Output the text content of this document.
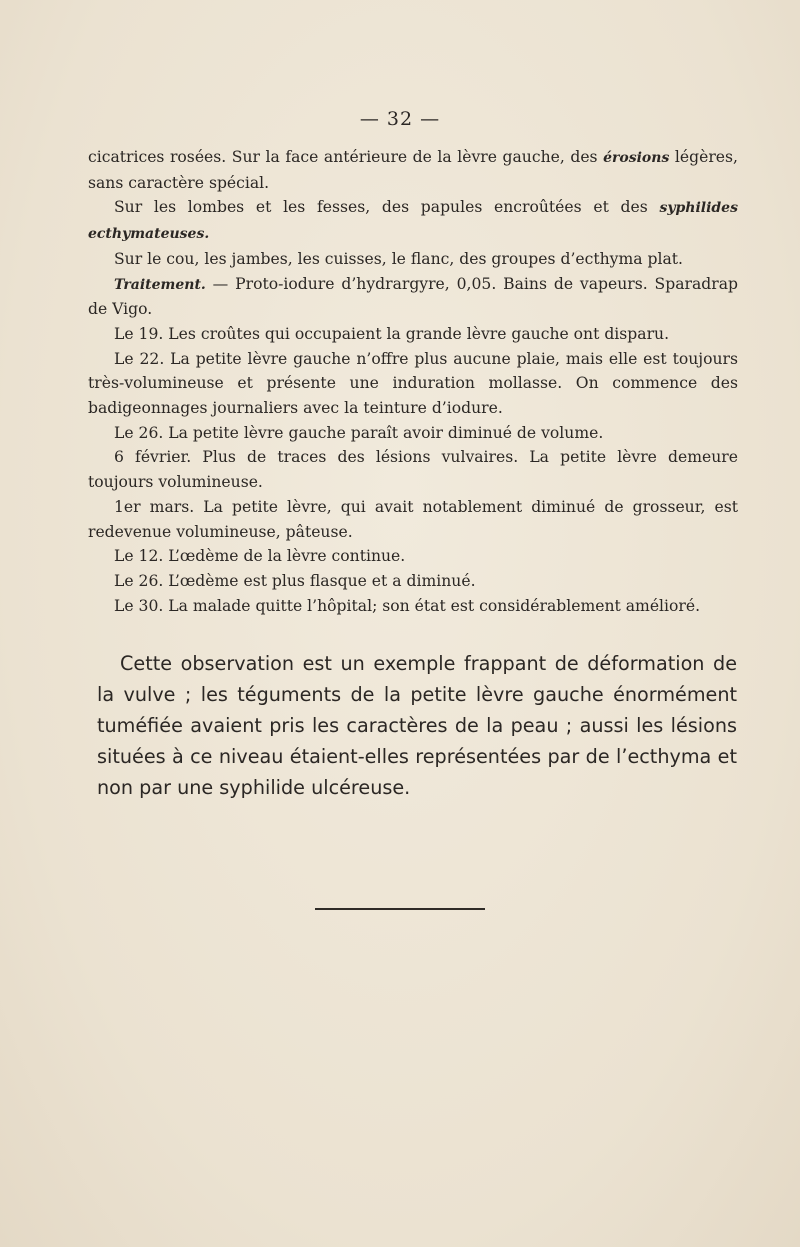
— 32 —

cicatrices rosées. Sur la face antérieure de la lèvre gauche, des érosions légères,

sans caractère spécial.

Sur les lombes et les fesses, des papules encroûtées et des syphilides ecthymateuses.

Sur le cou, les jambes, les cuisses, le flanc, des groupes d’ecthyma plat.

Traitement. — Proto-iodure d’hydrargyre, 0,05. Bains de vapeurs. Sparadrap de Vigo.

Le 19. Les croûtes qui occupaient la grande lèvre gauche ont disparu.

Le 22. La petite lèvre gauche n’offre plus aucune plaie, mais elle est toujours très-volumineuse et présente une induration mollasse. On commence des badigeonnages journaliers avec la teinture d’iodure.

Le 26. La petite lèvre gauche paraît avoir diminué de volume.

6 février. Plus de traces des lésions vulvaires. La petite lèvre demeure toujours volumineuse.

1er mars. La petite lèvre, qui avait notablement diminué de grosseur, est redevenue volumineuse, pâteuse.

Le 12. L’œdème de la lèvre continue.

Le 26. L’œdème est plus flasque et a diminué.

Le 30. La malade quitte l’hôpital; son état est considérablement amélioré.

Cette observation est un exemple frappant de déformation de la vulve ; les téguments de la petite lèvre gauche énormément tuméfiée avaient pris les caractères de la peau ; aussi les lésions situées à ce niveau étaient-elles représentées par de l’ecthyma et non par une syphilide ulcéreuse.
